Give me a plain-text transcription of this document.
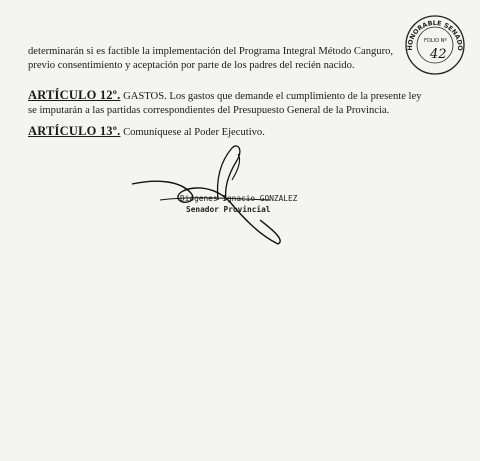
determinarán si es factible la implementación del Programa Integral Método Canguro,
previo consentimiento y aceptación por parte de los padres del recién nacido.
ARTÍCULO 12º. GASTOS. Los gastos que demande el cumplimiento de la presente ley
se imputarán a las partidas correspondientes del Presupuesto General de la Provincia.
ARTÍCULO 13º. Comuníquese al Poder Ejecutivo.
Diogenes Ignacio GONZALEZ
Senador Provincial
HONORABLE SENADO
FOLIO Nº
42
